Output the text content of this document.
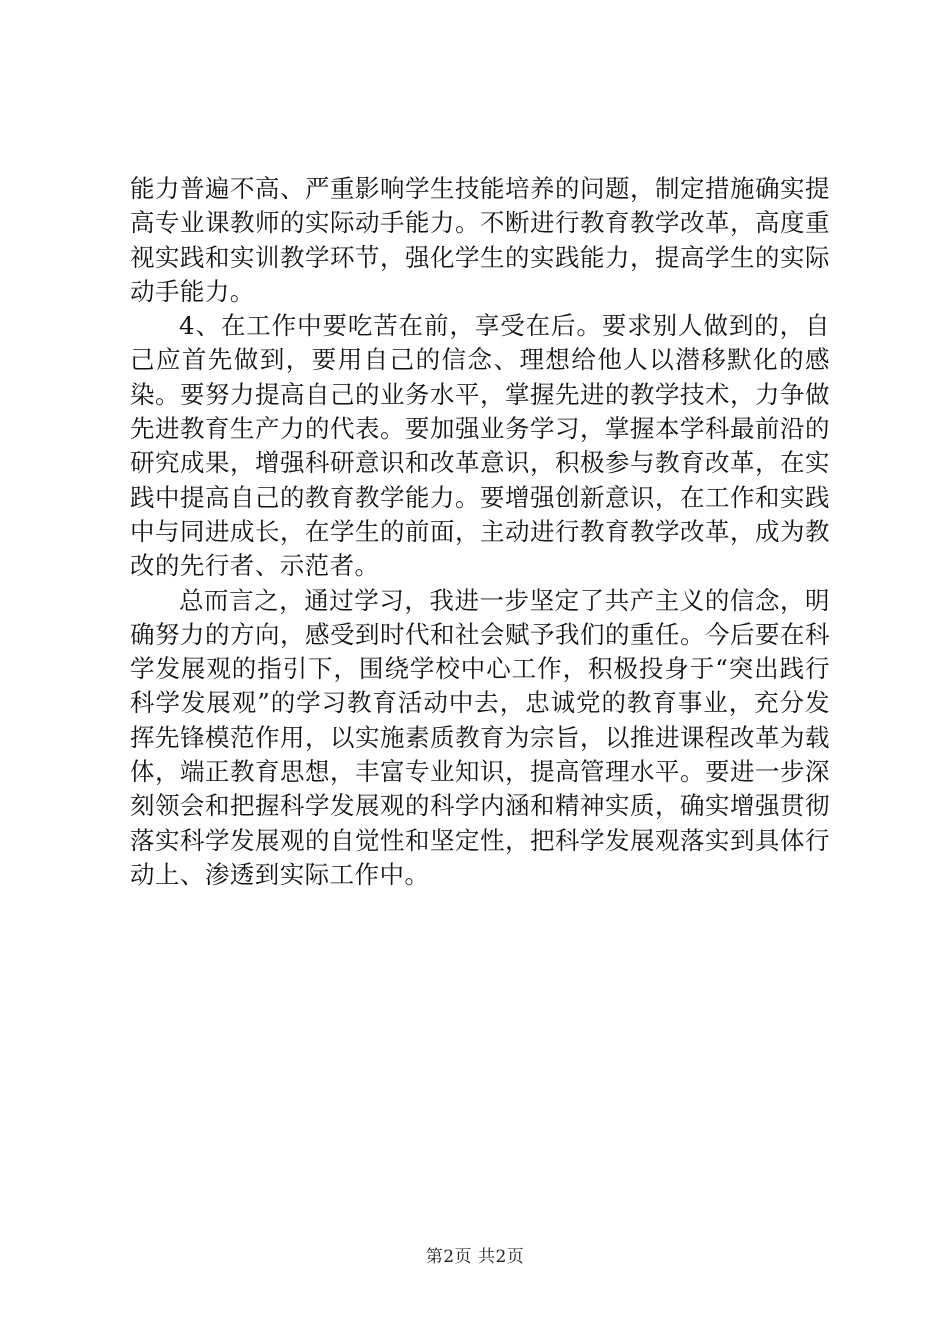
能力普遍不高、严重影响学生技能培养的问题，制定措施确实提高专业课教师的实际动手能力。不断进行教育教学改革，高度重视实践和实训教学环节，强化学生的实践能力，提高学生的实际动手能力。

4、在工作中要吃苦在前，享受在后。要求别人做到的，自己应首先做到，要用自己的信念、理想给他人以潜移默化的感染。要努力提高自己的业务水平，掌握先进的教学技术，力争做先进教育生产力的代表。要加强业务学习，掌握本学科最前沿的研究成果，增强科研意识和改革意识，积极参与教育改革，在实践中提高自己的教育教学能力。要增强创新意识，在工作和实践中与同进成长，在学生的前面，主动进行教育教学改革，成为教改的先行者、示范者。

总而言之，通过学习，我进一步坚定了共产主义的信念，明确努力的方向，感受到时代和社会赋予我们的重任。今后要在科学发展观的指引下，围绕学校中心工作，积极投身于“突出践行科学发展观”的学习教育活动中去，忠诚党的教育事业，充分发挥先锋模范作用，以实施素质教育为宗旨，以推进课程改革为载体，端正教育思想，丰富专业知识，提高管理水平。要进一步深刻领会和把握科学发展观的科学内涵和精神实质，确实增强贯彻落实科学发展观的自觉性和坚定性，把科学发展观落实到具体行动上、渗透到实际工作中。

第2页 共2页
